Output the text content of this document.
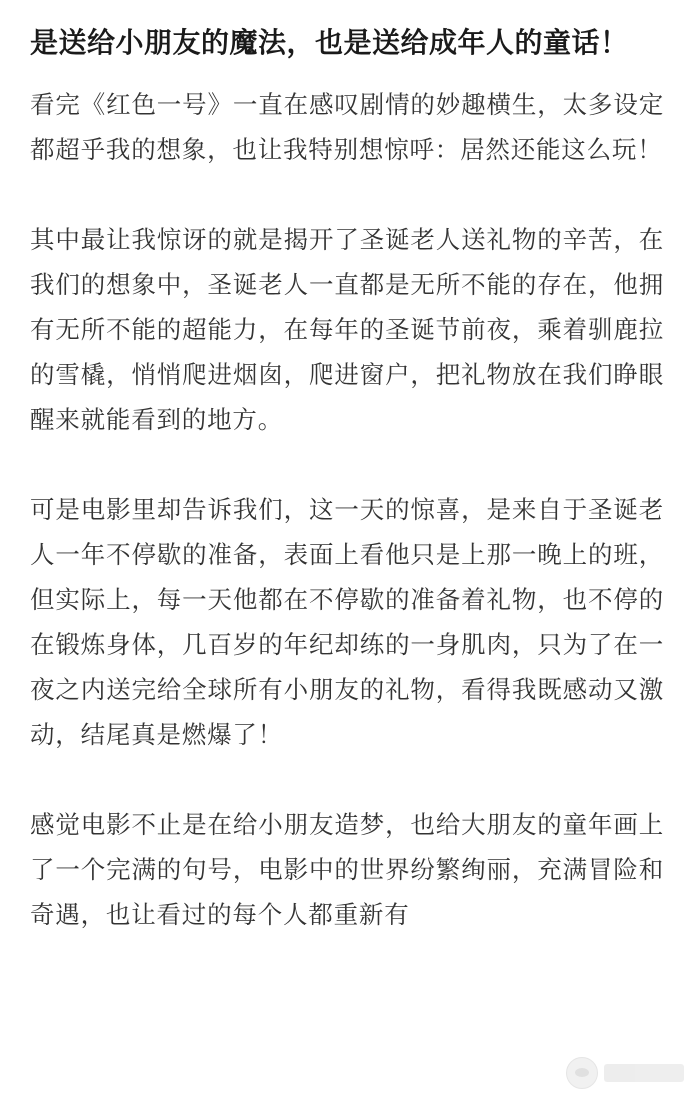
是送给小朋友的魔法，也是送给成年人的童话！

看完《红色一号》一直在感叹剧情的妙趣横生，太多设定都超乎我的想象，也让我特别想惊呼：居然还能这么玩！

其中最让我惊讶的就是揭开了圣诞老人送礼物的辛苦，在我们的想象中，圣诞老人一直都是无所不能的存在，他拥有无所不能的超能力，在每年的圣诞节前夜，乘着驯鹿拉的雪橇，悄悄爬进烟囱，爬进窗户，把礼物放在我们睁眼醒来就能看到的地方。

可是电影里却告诉我们，这一天的惊喜，是来自于圣诞老人一年不停歇的准备，表面上看他只是上那一晚上的班，但实际上，每一天他都在不停歇的准备着礼物，也不停的在锻炼身体，几百岁的年纪却练的一身肌肉，只为了在一夜之内送完给全球所有小朋友的礼物，看得我既感动又激动，结尾真是燃爆了！

感觉电影不止是在给小朋友造梦，也给大朋友的童年画上了一个完满的句号，电影中的世界纷繁绚丽，充满冒险和奇遇，也让看过的每个人都重新有
